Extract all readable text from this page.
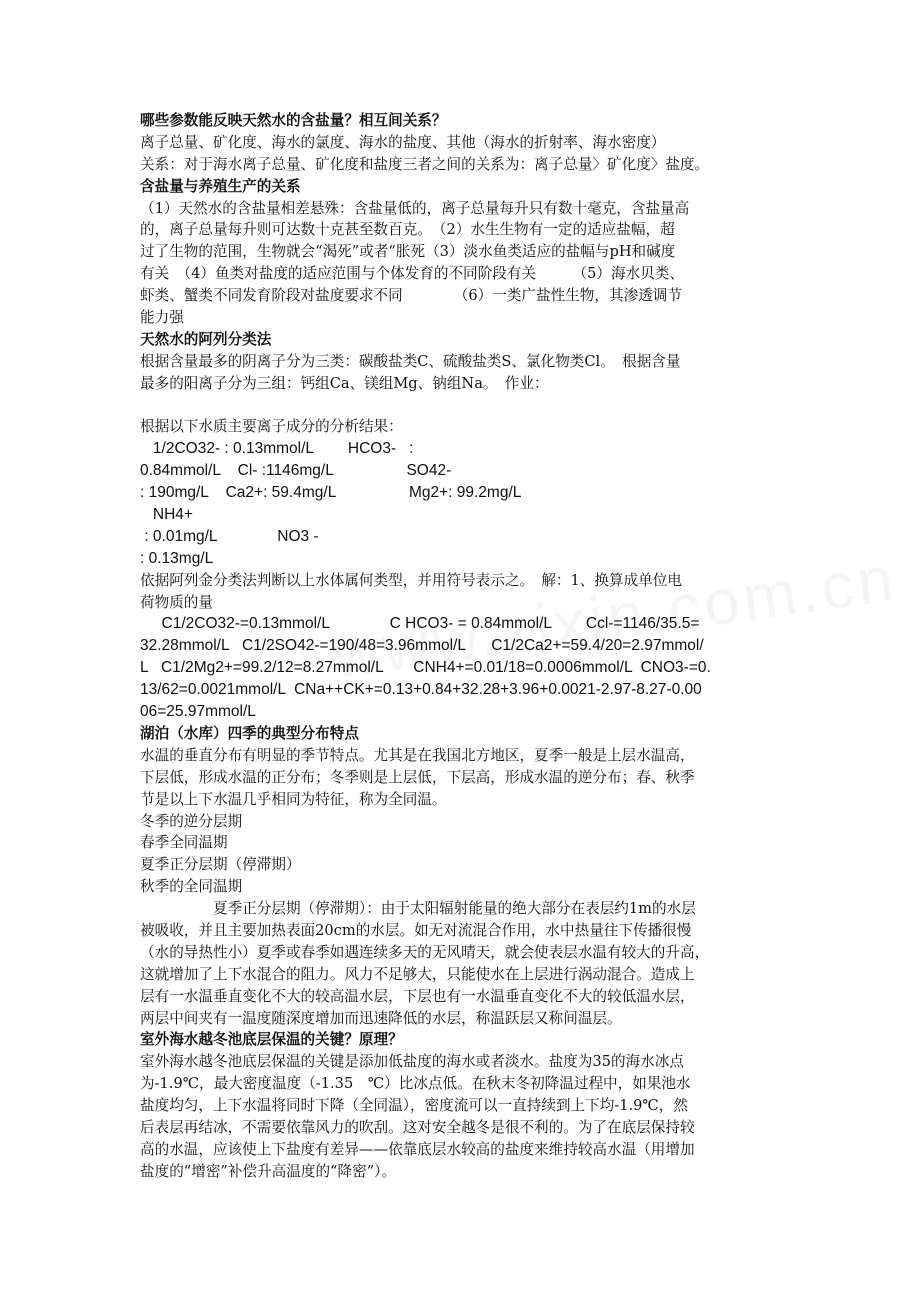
哪些参数能反映天然水的含盐量？相互间关系？
离子总量、矿化度、海水的氯度、海水的盐度、其他（海水的折射率、海水密度）
关系：对于海水离子总量、矿化度和盐度三者之间的关系为：离子总量〉矿化度〉盐度。
含盐量与养殖生产的关系
（1）天然水的含盐量相差悬殊：含盐量低的，离子总量每升只有数十毫克，含盐量高
的，离子总量每升则可达数十克甚至数百克。　（2）水生生物有一定的适应盐幅，超
过了生物的范围，生物就会“渴死”或者“胀死（3）淡水鱼类适应的盐幅与pH和碱度
有关　（4）鱼类对盐度的适应范围与个体发育的不同阶段有关　　　（5）海水贝类、
虾类、蟹类不同发育阶段对盐度要求不同　　　　（6）一类广盐性生物，其渗透调节
能力强
天然水的阿列分类法
根据含量最多的阴离子分为三类：碳酸盐类C、硫酸盐类S、氯化物类Cl。　根据含量
最多的阳离子分为三组：钙组Ca、镁组Mg、钠组Na。　作业：
根据以下水质主要离子成分的分析结果：
1/2CO32- : 0.13mmol/L        HCO3-   :
0.84mmol/L    Cl- :1146mg/L                 SO42-
: 190mg/L    Ca2+: 59.4mg/L                 Mg2+: 99.2mg/L
NH4+
: 0.01mg/L              NO3 -
: 0.13mg/L
依据阿列金分类法判断以上水体属何类型，并用符号表示之。　解：1、换算成单位电
荷物质的量
C1/2CO32-=0.13mmol/L              C HCO3- = 0.84mmol/L        Ccl-=1146/35.5=
32.28mmol/L   C1/2SO42-=190/48=3.96mmol/L      C1/2Ca2+=59.4/20=2.97mmol/
L   C1/2Mg2+=99.2/12=8.27mmol/L       CNH4+=0.01/18=0.0006mmol/L  CNO3-=0.
13/62=0.0021mmol/L  CNa++CK+=0.13+0.84+32.28+3.96+0.0021-2.97-8.27-0.00
06=25.97mmol/L
湖泊（水库）四季的典型分布特点
水温的垂直分布有明显的季节特点。尤其是在我国北方地区，夏季一般是上层水温高，
下层低，形成水温的正分布；冬季则是上层低，下层高，形成水温的逆分布；春、秋季
节是以上下水温几乎相同为特征，称为全同温。
冬季的逆分层期
春季全同温期
夏季正分层期（停滞期）
秋季的全同温期
　　　　　夏季正分层期（停滞期）：由于太阳辐射能量的绝大部分在表层约1m的水层
被吸收，并且主要加热表面20cm的水层。如无对流混合作用，水中热量往下传播很慢
（水的导热性小）夏季或春季如遇连续多天的无风晴天，就会使表层水温有较大的升高，
这就增加了上下水混合的阻力。风力不足够大，只能使水在上层进行涡动混合。造成上
层有一水温垂直变化不大的较高温水层，下层也有一水温垂直变化不大的较低温水层，
两层中间夹有一温度随深度增加而迅速降低的水层，称温跃层又称间温层。
室外海水越冬池底层保温的关键？原理？
室外海水越冬池底层保温的关键是添加低盐度的海水或者淡水。盐度为35的海水冰点
为-1.9℃，最大密度温度（-1.35　℃）比冰点低。在秋末冬初降温过程中，如果池水
盐度均匀，上下水温将同时下降（全同温），密度流可以一直持续到上下均-1.9℃，然
后表层再结冰，不需要依靠风力的吹刮。这对安全越冬是很不利的。为了在底层保持较
高的水温，应该使上下盐度有差异——依靠底层水较高的盐度来维持较高水温（用增加
盐度的“增密”补偿升高温度的“降密”）。
